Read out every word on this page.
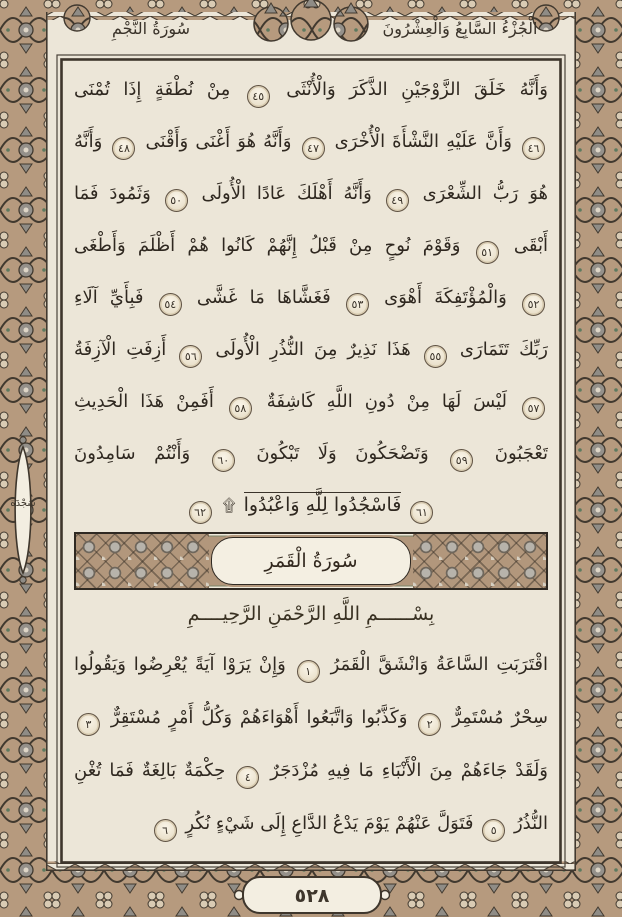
سُورَةُ النَّجْمِ	الْجُزْءُ السَّابِعُ وَالْعِشْرُونَ
سَجْدَة
وَأَنَّهُ خَلَقَ الزَّوْجَيْنِ الذَّكَرَ وَالْأُنْثَى ٤٥ مِنْ نُطْفَةٍ إِذَا تُمْنَى
٤٦ وَأَنَّ عَلَيْهِ النَّشْأَةَ الْأُخْرَى ٤٧ وَأَنَّهُ هُوَ أَغْنَى وَأَقْنَى ٤٨ وَأَنَّهُ
هُوَ رَبُّ الشِّعْرَى ٤٩ وَأَنَّهُ أَهْلَكَ عَادًا الْأُولَى ٥٠ وَثَمُودَ فَمَا
أَبْقَى ٥١ وَقَوْمَ نُوحٍ مِنْ قَبْلُ إِنَّهُمْ كَانُوا هُمْ أَظْلَمَ وَأَطْغَى
٥٢ وَالْمُؤْتَفِكَةَ أَهْوَى ٥٣ فَغَشَّاهَا مَا غَشَّى ٥٤ فَبِأَيِّ آلَاءِ
رَبِّكَ تَتَمَارَى ٥٥ هَذَا نَذِيرٌ مِنَ النُّذُرِ الْأُولَى ٥٦ أَزِفَتِ الْآزِفَةُ
٥٧ لَيْسَ لَهَا مِنْ دُونِ اللَّهِ كَاشِفَةٌ ٥٨ أَفَمِنْ هَذَا الْحَدِيثِ
تَعْجَبُونَ ٥٩ وَتَضْحَكُونَ وَلَا تَبْكُونَ ٦٠ وَأَنْتُمْ سَامِدُونَ
٦١ فَاسْجُدُوا لِلَّهِ وَاعْبُدُوا ۩ ٦٢
سُورَةُ الْقَمَرِ
بِسْــــــمِ اللَّهِ الرَّحْمَنِ الرَّحِيــــمِ
اقْتَرَبَتِ السَّاعَةُ وَانْشَقَّ الْقَمَرُ ١ وَإِنْ يَرَوْا آيَةً يُعْرِضُوا وَيَقُولُوا
سِحْرٌ مُسْتَمِرٌّ ٢ وَكَذَّبُوا وَاتَّبَعُوا أَهْوَاءَهُمْ وَكُلُّ أَمْرٍ مُسْتَقِرٌّ ٣
وَلَقَدْ جَاءَهُمْ مِنَ الْأَنْبَاءِ مَا فِيهِ مُزْدَجَرٌ ٤ حِكْمَةٌ بَالِغَةٌ فَمَا تُغْنِ
النُّذُرُ ٥ فَتَوَلَّ عَنْهُمْ يَوْمَ يَدْعُ الدَّاعِ إِلَى شَيْءٍ نُكُرٍ ٦
٥٢٨
